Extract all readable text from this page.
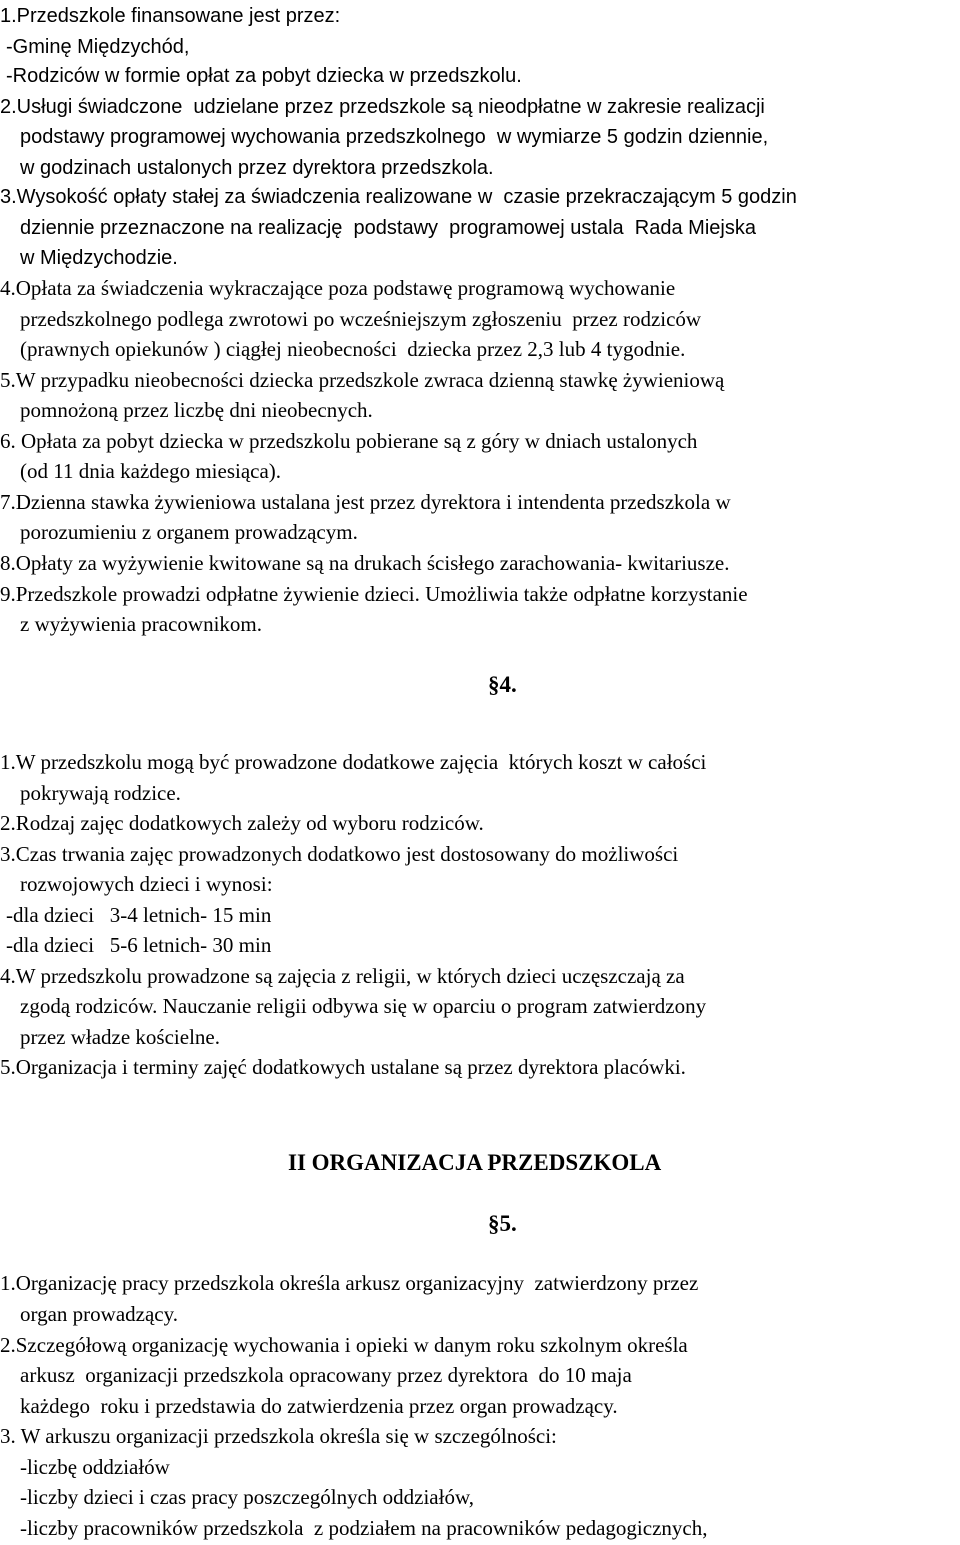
1.Przedszkole finansowane jest przez:

-Gminę Międzychód,

-Rodziców w formie opłat za pobyt dziecka w przedszkolu.

2.Usługi świadczone  udzielane przez przedszkole są nieodpłatne w zakresie realizacji

podstawy programowej wychowania przedszkolnego  w wymiarze 5 godzin dziennie,

w godzinach ustalonych przez dyrektora przedszkola.

3.Wysokość opłaty stałej za świadczenia realizowane w  czasie przekraczającym 5 godzin

dziennie przeznaczone na realizację  podstawy  programowej ustala  Rada Miejska

w Międzychodzie.

4.Opłata za świadczenia wykraczające poza podstawę programową wychowanie

przedszkolnego podlega zwrotowi po wcześniejszym zgłoszeniu  przez rodziców

(prawnych opiekunów ) ciągłej nieobecności  dziecka przez 2,3 lub 4 tygodnie.

5.W przypadku nieobecności dziecka przedszkole zwraca dzienną stawkę żywieniową

pomnożoną przez liczbę dni nieobecnych.

6. Opłata za pobyt dziecka w przedszkolu pobierane są z góry w dniach ustalonych

(od 11 dnia każdego miesiąca).

7.Dzienna stawka żywieniowa ustalana jest przez dyrektora i intendenta przedszkola w

porozumieniu z organem prowadzącym.

8.Opłaty za wyżywienie kwitowane są na drukach ścisłego zarachowania- kwitariusze.

9.Przedszkole prowadzi odpłatne żywienie dzieci. Umożliwia także odpłatne korzystanie

z wyżywienia pracownikom.

§4.

1.W przedszkolu mogą być prowadzone dodatkowe zajęcia  których koszt w całości

pokrywają rodzice.

2.Rodzaj zajęc dodatkowych zależy od wyboru rodziców.

3.Czas trwania zajęc prowadzonych dodatkowo jest dostosowany do możliwości

rozwojowych dzieci i wynosi:

-dla dzieci   3-4 letnich- 15 min

-dla dzieci   5-6 letnich- 30 min

4.W przedszkolu prowadzone są zajęcia z religii, w których dzieci uczęszczają za

zgodą rodziców. Nauczanie religii odbywa się w oparciu o program zatwierdzony

przez władze kościelne.

5.Organizacja i terminy zajęć dodatkowych ustalane są przez dyrektora placówki.

II ORGANIZACJA PRZEDSZKOLA

§5.

1.Organizację pracy przedszkola określa arkusz organizacyjny  zatwierdzony przez

organ prowadzący.

2.Szczegółową organizację wychowania i opieki w danym roku szkolnym określa

arkusz  organizacji przedszkola opracowany przez dyrektora  do 10 maja

każdego  roku i przedstawia do zatwierdzenia przez organ prowadzący.

3. W arkuszu organizacji przedszkola określa się w szczególności:

-liczbę oddziałów

-liczby dzieci i czas pracy poszczególnych oddziałów,

-liczby pracowników przedszkola  z podziałem na pracowników pedagogicznych,
